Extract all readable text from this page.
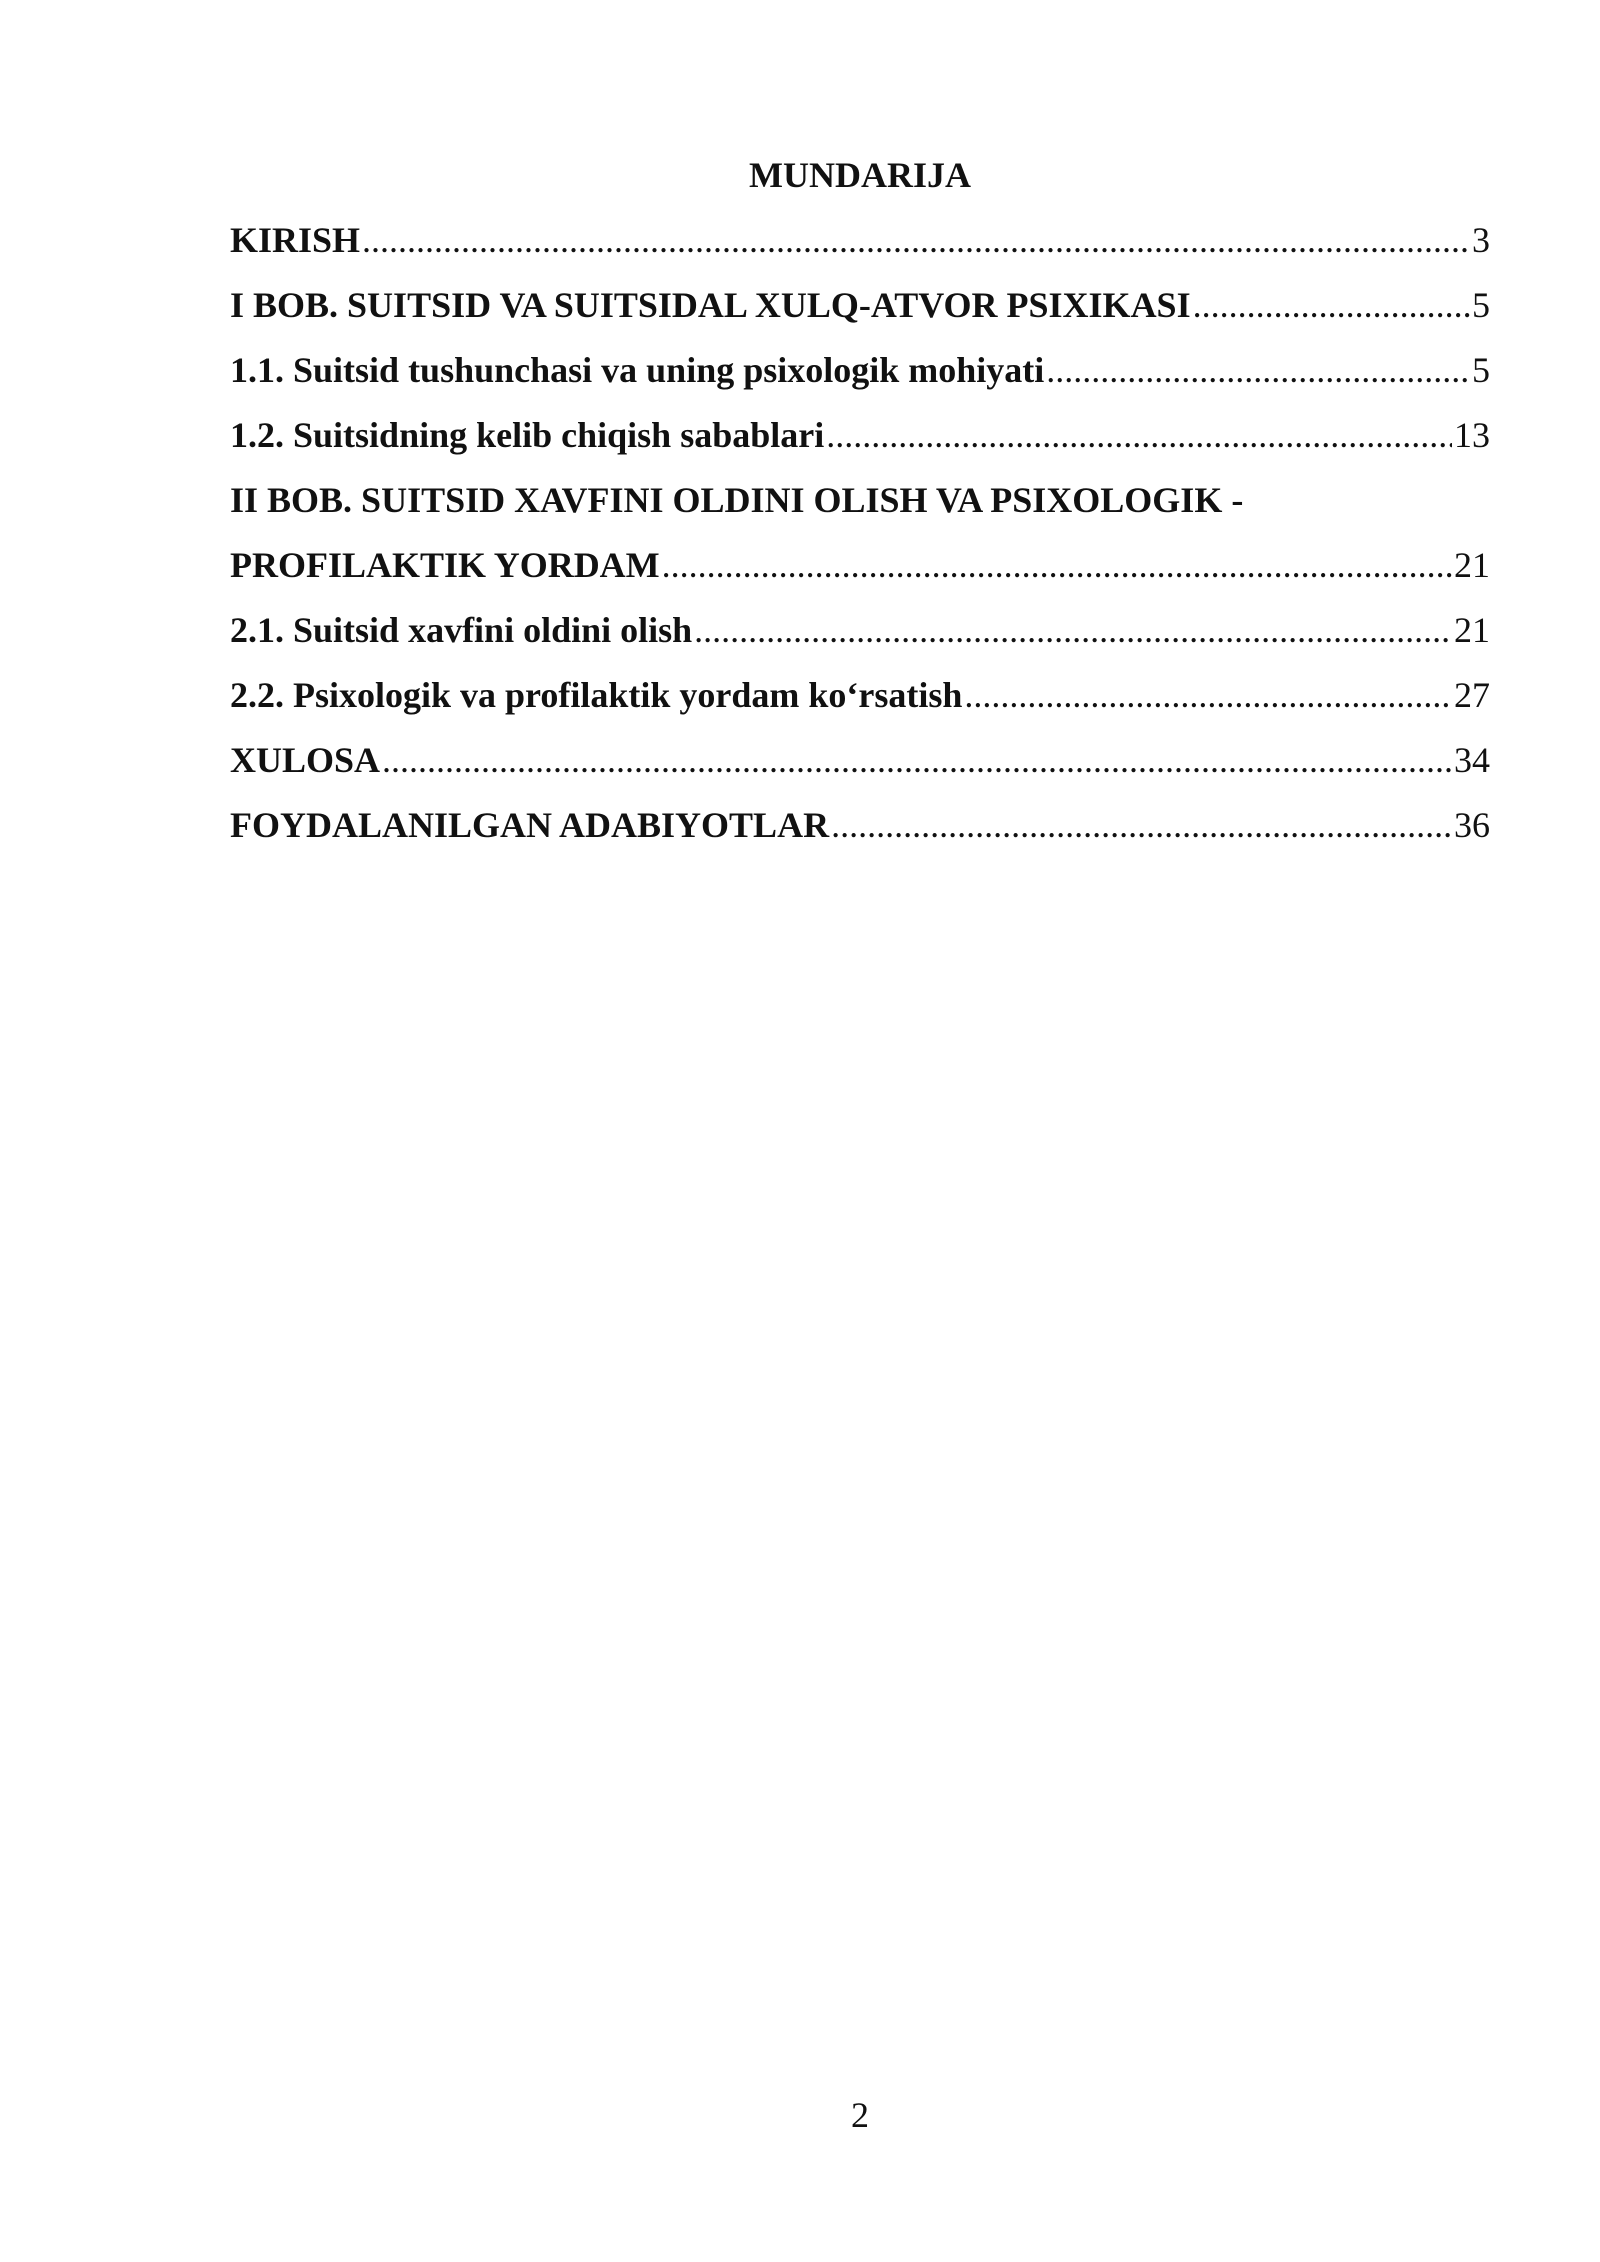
MUNDARIJA
KIRISH .....	3
I BOB. SUITSID VA SUITSIDAL XULQ-ATVOR PSIXIKASI .....	5
1.1. Suitsid tushunchasi va uning psixologik mohiyati .....	5
1.2. Suitsidning kelib chiqish sabablari .....	13
II BOB. SUITSID XAVFINI OLDINI OLISH VA PSIXOLOGIK -
PROFILAKTIK YORDAM .....	21
2.1. Suitsid xavfini oldini olish .....	21
2.2. Psixologik va profilaktik yordam ko‘rsatish .....	27
XULOSA .....	34
FOYDALANILGAN ADABIYOTLAR .....	36
2
